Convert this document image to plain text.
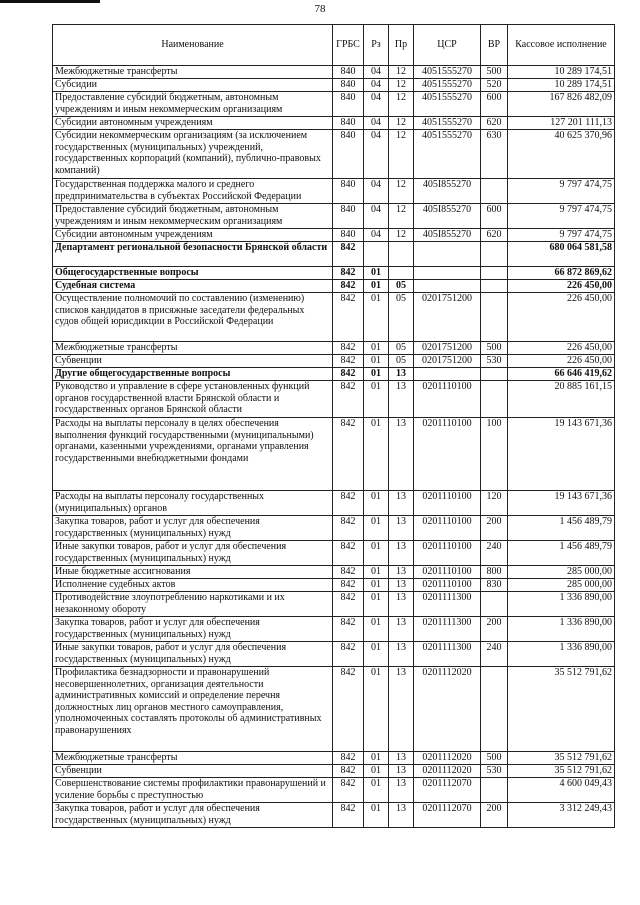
78
Наименование	ГРБС	Рз	Пр	ЦСР	ВР	Кассовое исполнение
Межбюджетные трансферты	840	04	12	4051555270	500	10 289 174,51
Субсидии	840	04	12	4051555270	520	10 289 174,51
Предоставление субсидий бюджетным, автономным учреждениям и иным некоммерческим организациям	840	04	12	4051555270	600	167 826 482,09
Субсидии автономным учреждениям	840	04	12	4051555270	620	127 201 111,13
Субсидии некоммерческим организациям (за исключением государственных (муниципальных) учреждений, государственных корпораций (компаний), публично-правовых компаний)	840	04	12	4051555270	630	40 625 370,96
Государственная поддержка малого и среднего предпринимательства в субъектах Российской Федерации	840	04	12	405I855270		9 797 474,75
Предоставление субсидий бюджетным, автономным учреждениям и иным некоммерческим организациям	840	04	12	405I855270	600	9 797 474,75
Субсидии автономным учреждениям	840	04	12	405I855270	620	9 797 474,75
Департамент региональной безопасности Брянской области	842					680 064 581,58
Общегосударственные вопросы	842	01				66 872 869,62
Судебная система	842	01	05			226 450,00
Осуществление полномочий по составлению (изменению) списков кандидатов в присяжные заседатели федеральных судов общей юрисдикции в Российской Федерации	842	01	05	0201751200		226 450,00
Межбюджетные трансферты	842	01	05	0201751200	500	226 450,00
Субвенции	842	01	05	0201751200	530	226 450,00
Другие общегосударственные вопросы	842	01	13			66 646 419,62
Руководство и управление в сфере установленных функций органов государственной власти Брянской области и государственных органов Брянской области	842	01	13	0201110100		20 885 161,15
Расходы на выплаты персоналу в целях обеспечения выполнения функций государственными (муниципальными) органами, казенными учреждениями, органами управления государственными внебюджетными фондами	842	01	13	0201110100	100	19 143 671,36
Расходы на выплаты персоналу государственных (муниципальных) органов	842	01	13	0201110100	120	19 143 671,36
Закупка товаров, работ и услуг для обеспечения государственных (муниципальных) нужд	842	01	13	0201110100	200	1 456 489,79
Иные закупки товаров, работ и услуг для обеспечения государственных (муниципальных) нужд	842	01	13	0201110100	240	1 456 489,79
Иные бюджетные ассигнования	842	01	13	0201110100	800	285 000,00
Исполнение судебных актов	842	01	13	0201110100	830	285 000,00
Противодействие злоупотреблению наркотиками и их незаконному обороту	842	01	13	0201111300		1 336 890,00
Закупка товаров, работ и услуг для обеспечения государственных (муниципальных) нужд	842	01	13	0201111300	200	1 336 890,00
Иные закупки товаров, работ и услуг для обеспечения государственных (муниципальных) нужд	842	01	13	0201111300	240	1 336 890,00
Профилактика безнадзорности и правонарушений несовершеннолетних, организация деятельности административных комиссий и определение перечня должностных лиц органов местного самоуправления, уполномоченных составлять протоколы об административных правонарушениях	842	01	13	0201112020		35 512 791,62
Межбюджетные трансферты	842	01	13	0201112020	500	35 512 791,62
Субвенции	842	01	13	0201112020	530	35 512 791,62
Совершенствование системы профилактики правонарушений и усиление борьбы с преступностью	842	01	13	0201112070		4 600 049,43
Закупка товаров, работ и услуг для обеспечения государственных (муниципальных) нужд	842	01	13	0201112070	200	3 312 249,43
